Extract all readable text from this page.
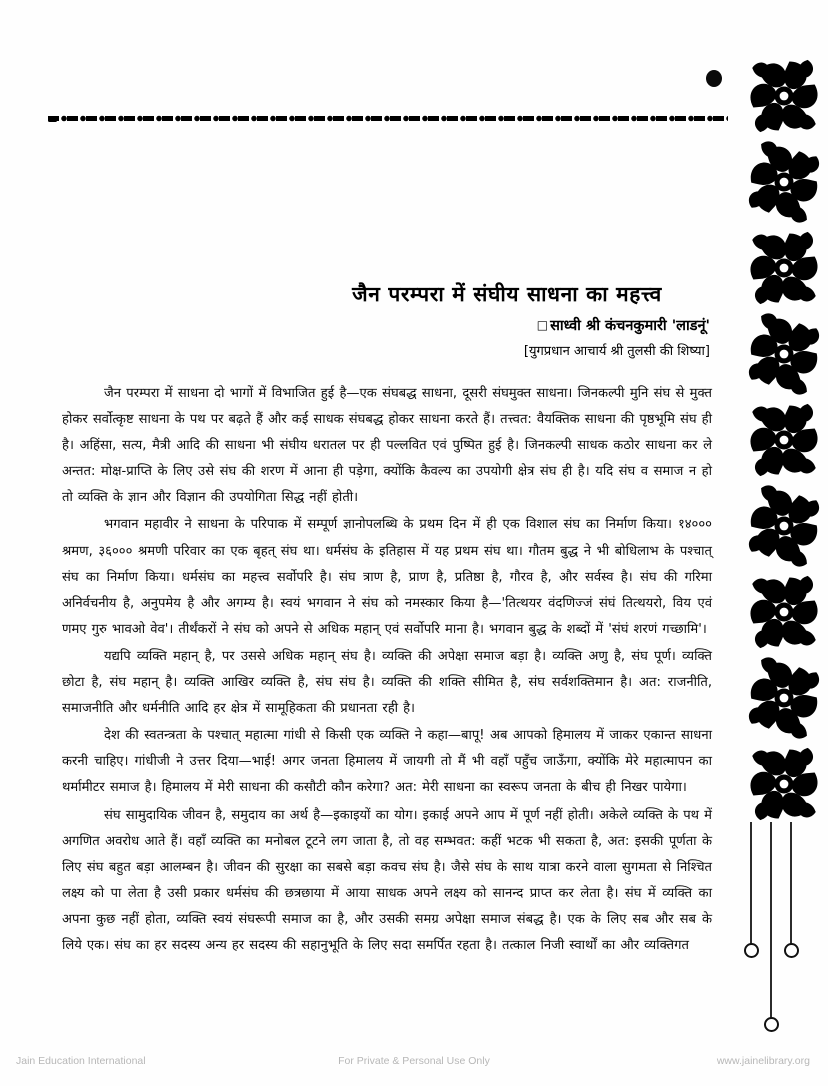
जैन परम्परा में संघीय साधना का महत्त्व
□ साध्वी श्री कंचनकुमारी 'लाडनूं'
[युगप्रधान आचार्य श्री तुलसी की शिष्या]

जैन परम्परा में साधना दो भागों में विभाजित हुई है—एक संघबद्ध साधना, दूसरी संघमुक्त साधना। जिनकल्पी मुनि संघ से मुक्त होकर सर्वोत्कृष्ट साधना के पथ पर बढ़ते हैं और कई साधक संघबद्ध होकर साधना करते हैं। तत्त्वत: वैयक्तिक साधना की पृष्ठभूमि संघ ही है। अहिंसा, सत्य, मैत्री आदि की साधना भी संघीय धरातल पर ही पल्लवित एवं पुष्पित हुई है। जिनकल्पी साधक कठोर साधना कर ले अन्तत: मोक्ष-प्राप्ति के लिए उसे संघ की शरण में आना ही पड़ेगा, क्योंकि कैवल्य का उपयोगी क्षेत्र संघ ही है। यदि संघ व समाज न हो तो व्यक्ति के ज्ञान और विज्ञान की उपयोगिता सिद्ध नहीं होती।

भगवान महावीर ने साधना के परिपाक में सम्पूर्ण ज्ञानोपलब्धि के प्रथम दिन में ही एक विशाल संघ का निर्माण किया। १४००० श्रमण, ३६००० श्रमणी परिवार का एक बृहत् संघ था। धर्मसंघ के इतिहास में यह प्रथम संघ था। गौतम बुद्ध ने भी बोधिलाभ के पश्चात् संघ का निर्माण किया। धर्मसंघ का महत्त्व सर्वोपरि है। संघ त्राण है, प्राण है, प्रतिष्ठा है, गौरव है, और सर्वस्व है। संघ की गरिमा अनिर्वचनीय है, अनुपमेय है और अगम्य है। स्वयं भगवान ने संघ को नमस्कार किया है—'तित्थयर वंदणिज्जं संघं तित्थयरो, विय एवं णमए गुरु भावओ वेव'। तीर्थंकरों ने संघ को अपने से अधिक महान् एवं सर्वोपरि माना है। भगवान बुद्ध के शब्दों में 'संघं शरणं गच्छामि'।

यद्यपि व्यक्ति महान् है, पर उससे अधिक महान् संघ है। व्यक्ति की अपेक्षा समाज बड़ा है। व्यक्ति अणु है, संघ पूर्ण। व्यक्ति छोटा है, संघ महान् है। व्यक्ति आखिर व्यक्ति है, संघ संघ है। व्यक्ति की शक्ति सीमित है, संघ सर्वशक्तिमान है। अत: राजनीति, समाजनीति और धर्मनीति आदि हर क्षेत्र में सामूहिकता की प्रधानता रही है।

देश की स्वतन्त्रता के पश्चात् महात्मा गांधी से किसी एक व्यक्ति ने कहा—बापू! अब आपको हिमालय में जाकर एकान्त साधना करनी चाहिए। गांधीजी ने उत्तर दिया—भाई! अगर जनता हिमालय में जायगी तो मैं भी वहाँ पहुँच जाऊँगा, क्योंकि मेरे महात्मापन का थर्मामीटर समाज है। हिमालय में मेरी साधना की कसौटी कौन करेगा? अत: मेरी साधना का स्वरूप जनता के बीच ही निखर पायेगा।

संघ सामुदायिक जीवन है, समुदाय का अर्थ है—इकाइयों का योग। इकाई अपने आप में पूर्ण नहीं होती। अकेले व्यक्ति के पथ में अगणित अवरोध आते हैं। वहाँ व्यक्ति का मनोबल टूटने लग जाता है, तो वह सम्भवत: कहीं भटक भी सकता है, अत: इसकी पूर्णता के लिए संघ बहुत बड़ा आलम्बन है। जीवन की सुरक्षा का सबसे बड़ा कवच संघ है। जैसे संघ के साथ यात्रा करने वाला सुगमता से निश्चित लक्ष्य को पा लेता है उसी प्रकार धर्मसंघ की छत्रछाया में आया साधक अपने लक्ष्य को सानन्द प्राप्त कर लेता है। संघ में व्यक्ति का अपना कुछ नहीं होता, व्यक्ति स्वयं संघरूपी समाज का है, और उसकी समग्र अपेक्षा समाज संबद्ध है। एक के लिए सब और सब के लिये एक। संघ का हर सदस्य अन्य हर सदस्य की सहानुभूति के लिए सदा समर्पित रहता है। तत्काल निजी स्वार्थों का और व्यक्तिगत

Jain Education International	For Private & Personal Use Only	www.jainelibrary.org
